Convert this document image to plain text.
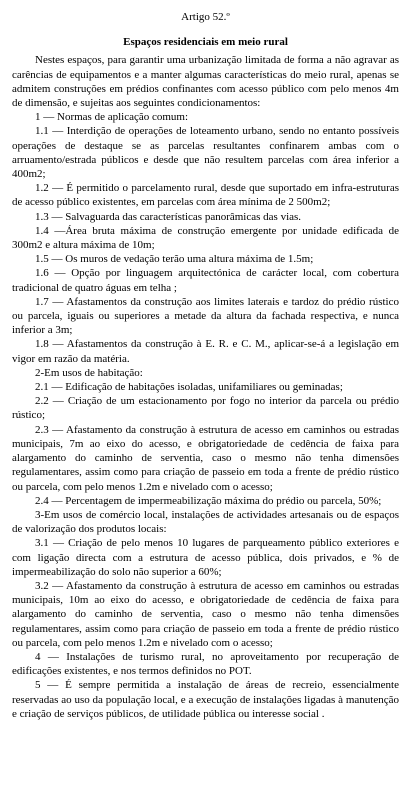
Artigo 52.º

Espaços residenciais em meio rural

Nestes espaços, para garantir uma urbanização limitada de forma a não agravar as carências de equipamentos e a manter algumas características do meio rural, apenas se admitem construções em prédios confinantes com acesso público com pelo menos 4m de dimensão, e sujeitas aos seguintes condicionamentos:

1 — Normas de aplicação comum:

1.1 — Interdição de operações de loteamento urbano, sendo no entanto possíveis operações de destaque se as parcelas resultantes confinarem ambas com o arruamento/estrada públicos e desde que não resultem parcelas com área inferior a 400m2;

1.2 — É permitido o parcelamento rural, desde que suportado em infra-estruturas de acesso público existentes, em parcelas com área mínima de 2 500m2;

1.3 — Salvaguarda das características panorâmicas das vias.

1.4 —Área bruta máxima de construção emergente por unidade edificada de 300m2 e altura máxima de 10m;

1.5 — Os muros de vedação terão uma altura máxima de 1.5m;

1.6 — Opção por linguagem arquitectónica de carácter local, com cobertura tradicional de quatro águas em telha ;

1.7 — Afastamentos da construção aos limites laterais e tardoz do prédio rústico ou parcela, iguais ou superiores a metade da altura da fachada respectiva, e nunca inferior a 3m;

1.8 — Afastamentos da construção à E. R. e C. M., aplicar-se-á a legislação em vigor em razão da matéria.

2-Em usos de habitação:

2.1 — Edificação de habitações isoladas, unifamiliares ou geminadas;

2.2 — Criação de um estacionamento por fogo no interior da parcela ou prédio rústico;

2.3 — Afastamento da construção à estrutura de acesso em caminhos ou estradas municipais, 7m ao eixo do acesso, e obrigatoriedade de cedência de faixa para alargamento do caminho de serventia, caso o mesmo não tenha dimensões regulamentares, assim como para criação de passeio em toda a frente de prédio rústico ou parcela, com pelo menos 1.2m e nivelado com o acesso;

2.4 — Percentagem de impermeabilização máxima do prédio ou parcela, 50%;

3-Em usos de comércio local, instalações de actividades artesanais ou de espaços de valorização dos produtos locais:

3.1 — Criação de pelo menos 10 lugares de parqueamento público exteriores e com ligação directa com a estrutura de acesso pública, dois privados, e % de impermeabilização do solo não superior a 60%;

3.2 — Afastamento da construção à estrutura de acesso em caminhos ou estradas municipais, 10m ao eixo do acesso, e obrigatoriedade de cedência de faixa para alargamento do caminho de serventia, caso o mesmo não tenha dimensões regulamentares, assim como para criação de passeio em toda a frente de prédio rústico ou parcela, com pelo menos 1.2m e nivelado com o acesso;

4 — Instalações de turismo rural, no aproveitamento por recuperação de edificações existentes, e nos termos definidos no POT.

5 — É sempre permitida a instalação de áreas de recreio, essencialmente reservadas ao uso da população local, e a execução de instalações ligadas à manutenção e criação de serviços públicos, de utilidade pública ou interesse social .
